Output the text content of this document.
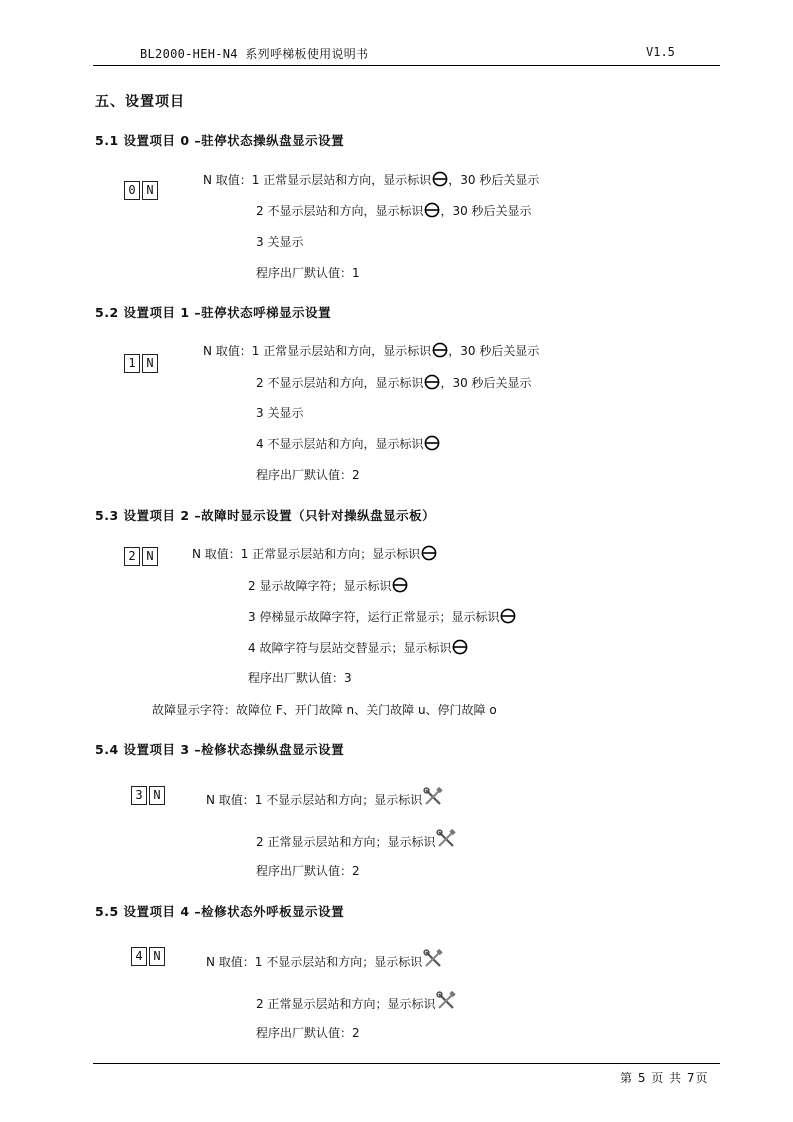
BL2000-HEH-N4 系列呼梯板使用说明书	V1.5
五、设置项目
5.1 设置项目 0 –驻停状态操纵盘显示设置
0 N
N 取值：1 正常显示层站和方向，显示标识 ，30 秒后关显示
2 不显示层站和方向，显示标识 ，30 秒后关显示
3 关显示
程序出厂默认值：1
5.2 设置项目 1 –驻停状态呼梯显示设置
1 N
N 取值：1 正常显示层站和方向，显示标识 ，30 秒后关显示
2 不显示层站和方向，显示标识 ，30 秒后关显示
3 关显示
4 不显示层站和方向，显示标识
程序出厂默认值：2
5.3 设置项目 2 –故障时显示设置（只针对操纵盘显示板）
2 N	N 取值：1 正常显示层站和方向；显示标识
2 显示故障字符；显示标识
3 停梯显示故障字符，运行正常显示；显示标识
4 故障字符与层站交替显示；显示标识
程序出厂默认值：3
故障显示字符：故障位 F、开门故障 n、关门故障 u、停门故障 o
5.4 设置项目 3 –检修状态操纵盘显示设置
3 N	N 取值：1 不显示层站和方向；显示标识
2 正常显示层站和方向；显示标识
程序出厂默认值：2
5.5 设置项目 4 –检修状态外呼板显示设置
4 N	N 取值：1 不显示层站和方向；显示标识
2 正常显示层站和方向；显示标识
程序出厂默认值：2
第 5 页 共 7页
